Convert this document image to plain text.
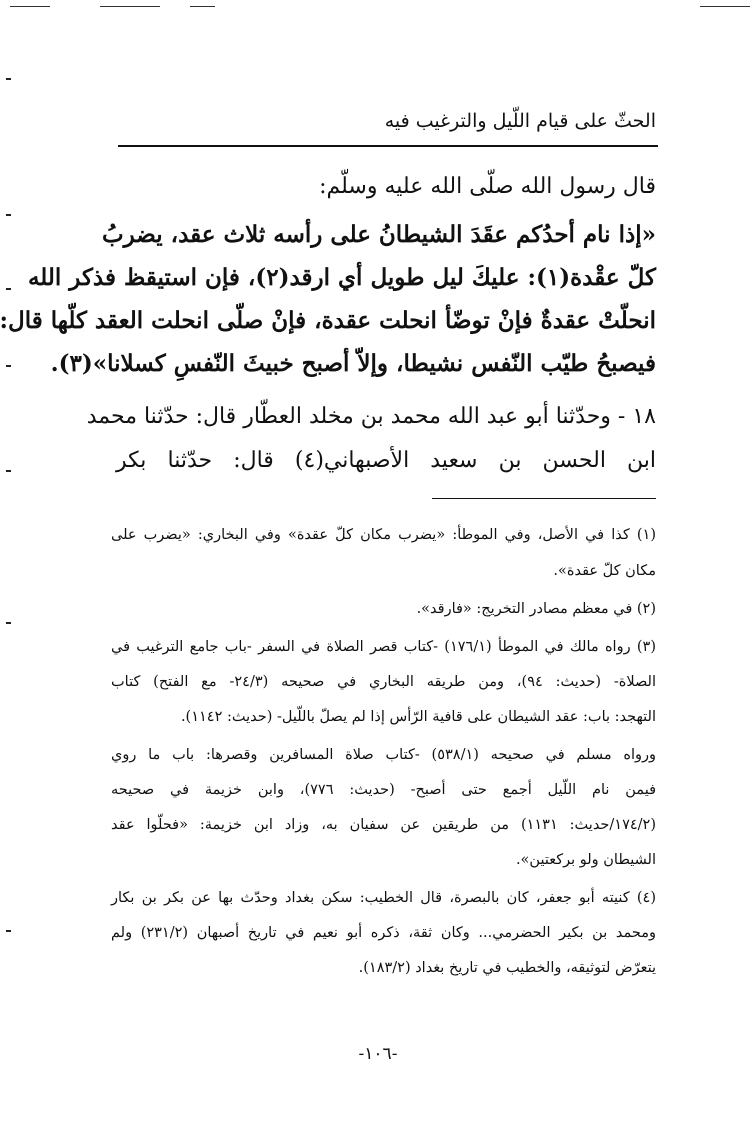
الحثّ على قيام اللّيل والترغيب فيه
قال رسول الله صلّى الله عليه وسلّم:
«إذا نام أحدُكم عقَدَ الشيطانُ على رأسه ثلاث عقد، يضربُ
كلّ عقْدة(١): عليكَ ليل طويل أي ارقد(٢)، فإن استيقظ فذكر الله
انحلّتْ عقدةٌ فإنْ توضّأ انحلت عقدة، فإنْ صلّى انحلت العقد كلّها قال:
فيصبحُ طيّب النّفس نشيطا، وإلاّ أصبح خبيثَ النّفسِ كسلانا»(٣).
١٨ - وحدّثنا أبو عبد الله محمد بن مخلد العطّار قال: حدّثنا محمد
ابن الحسن بن سعيد الأصبهاني(٤) قال: حدّثنا بكر
(١) كذا في الأصل، وفي الموطأ: «يضرب مكان كلّ عقدة» وفي البخاري: «يضرب على
مكان كلّ عقدة».
(٢) في معظم مصادر التخريج: «فارقد».
(٣) رواه مالك في الموطأ (١٧٦/١) -كتاب قصر الصلاة في السفر -باب جامع الترغيب في
الصلاة- (حديث: ٩٤)، ومن طريقه البخاري في صحيحه (٢٤/٣- مع الفتح) كتاب
التهجد: باب: عقد الشيطان على قافية الرّأس إذا لم يصلّ باللّيل- (حديث: ١١٤٢).
ورواه مسلم في صحيحه (٥٣٨/١) -كتاب صلاة المسافرين وقصرها: باب ما روي
فيمن نام اللّيل أجمع حتى أصبح- (حديث: ٧٧٦)، وابن خزيمة في صحيحه
(١٧٤/٢/حديث: ١١٣١) من طريقين عن سفيان به، وزاد ابن خزيمة: «فحلّوا عقد
الشيطان ولو بركعتين».
(٤) كنيته أبو جعفر، كان بالبصرة، قال الخطيب: سكن بغداد وحدّث بها عن بكر بن بكار
ومحمد بن بكير الحضرمي... وكان ثقة، ذكره أبو نعيم في تاريخ أصبهان (٢٣١/٢) ولم
يتعرّض لتوثيقه، والخطيب في تاريخ بغداد (١٨٣/٢).
-١٠٦-
